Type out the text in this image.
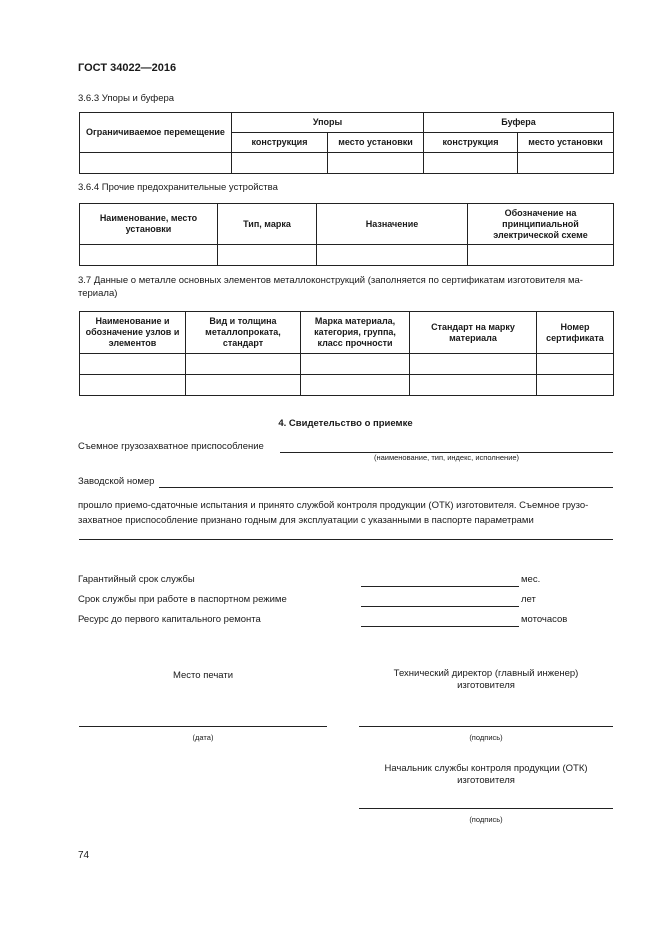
ГОСТ 34022—2016
3.6.3 Упоры и буфера
Ограничиваемое перемещение	Упоры		Буфера	
	конструкция	место установки	конструкция	место установки

3.6.4 Прочие предохранительные устройства
Наименование, место установки	Тип, марка	Назначение	Обозначение на принципиальной электрической схеме

3.7 Данные о металле основных элементов металлоконструкций (заполняется по сертификатам изготовителя ма-
териала)
Наименование и обозначение узлов и элементов	Вид и толщина металлопроката, стандарт	Марка материала, категория, группа, класс прочности	Стандарт на марку материала	Номер сертификата

4. Свидетельство о приемке
Съемное грузозахватное приспособление
(наименование, тип, индекс, исполнение)
Заводской номер
прошло приемо-сдаточные испытания и принято службой контроля продукции (ОТК) изготовителя. Съемное грузо-
захватное приспособление признано годным для эксплуатации с указанными в паспорте параметрами
Гарантийный срок службы	мес.
Срок службы при работе в паспортном режиме	лет
Ресурс до первого капитального ремонта	моточасов
Место печати	Технический директор (главный инженер)
изготовителя
(дата)	(подпись)
Начальник службы контроля продукции (ОТК)
изготовителя
(подпись)
74
